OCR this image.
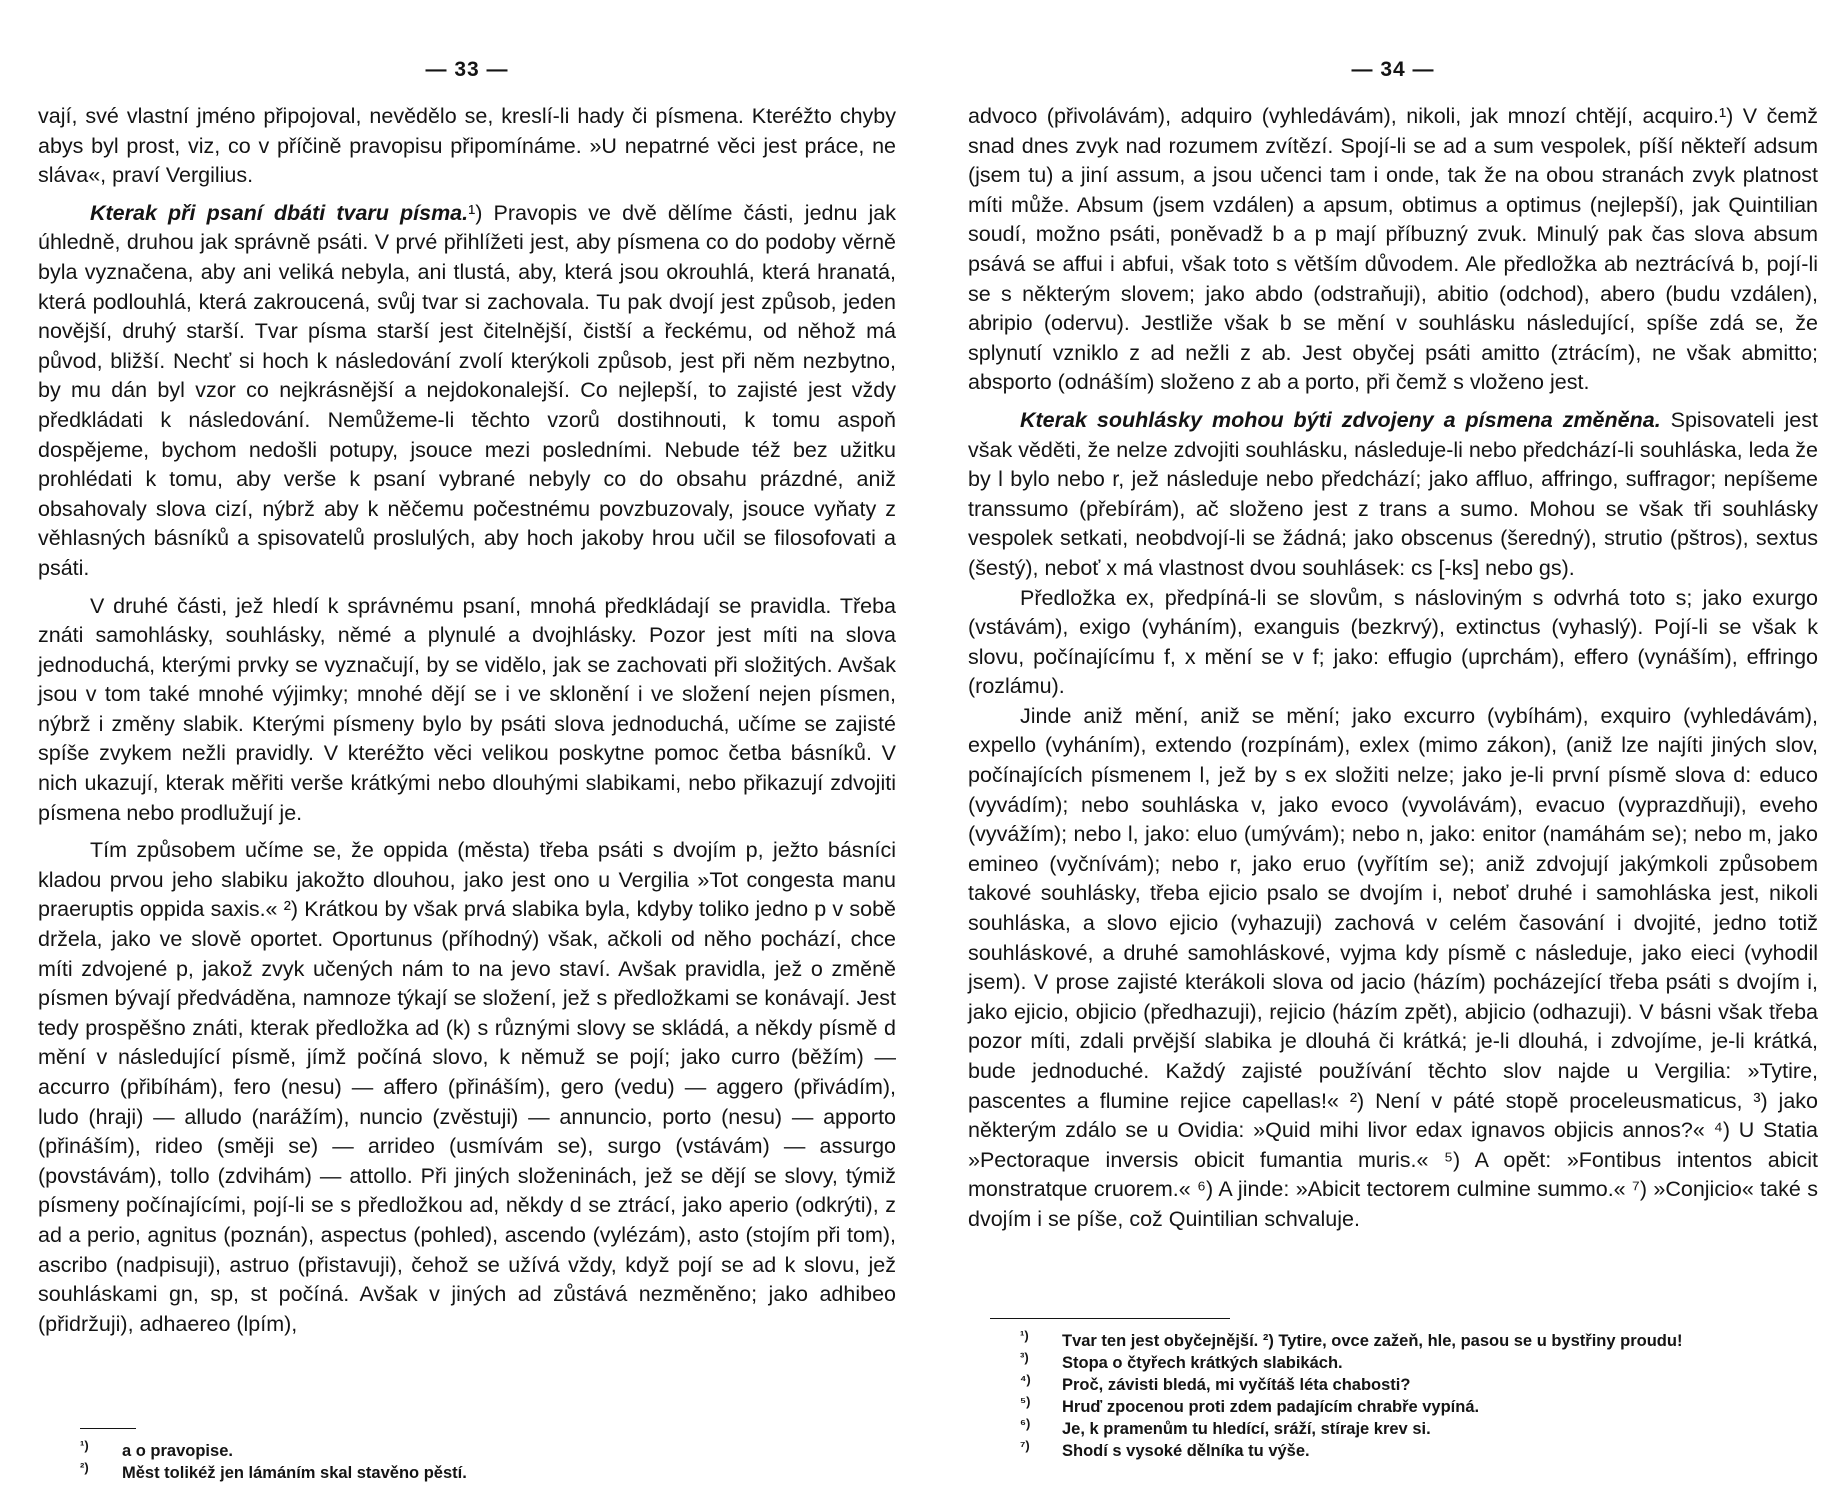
— 33 —

vají, své vlastní jméno připojoval, nevědělo se, kreslí-li hady či písmena. Kteréžto chyby abys byl prost, viz, co v příčině pravopisu připomínáme. »U nepatrné věci jest práce, ne sláva«, praví Vergilius.

Kterak při psaní dbáti tvaru písma.¹) Pravopis ve dvě dělíme části, jednu jak úhledně, druhou jak správně psáti. V prvé přihlížeti jest, aby písmena co do podoby věrně byla vyznačena, aby ani veliká nebyla, ani tlustá, aby, která jsou okrouhlá, která hranatá, která podlouhlá, která zakroucená, svůj tvar si zachovala. Tu pak dvojí jest způsob, jeden novější, druhý starší. Tvar písma starší jest čitelnější, čistší a řeckému, od něhož má původ, bližší. Nechť si hoch k následování zvolí kterýkoli způsob, jest při něm nezbytno, by mu dán byl vzor co nejkrásnější a nejdokonalejší. Co nejlepší, to zajisté jest vždy předkládati k následování. Nemůžeme-li těchto vzorů dostihnouti, k tomu aspoň dospějeme, bychom nedošli potupy, jsouce mezi posledními. Nebude též bez užitku prohlédati k tomu, aby verše k psaní vybrané nebyly co do obsahu prázdné, aniž obsahovaly slova cizí, nýbrž aby k něčemu počestnému povzbuzovaly, jsouce vyňaty z věhlasných básníků a spisovatelů proslulých, aby hoch jakoby hrou učil se filosofovati a psáti.

V druhé části, jež hledí k správnému psaní, mnohá předkládají se pravidla. Třeba znáti samohlásky, souhlásky, němé a plynulé a dvojhlásky. Pozor jest míti na slova jednoduchá, kterými prvky se vyznačují, by se vidělo, jak se zachovati při složitých. Avšak jsou v tom také mnohé výjimky; mnohé dějí se i ve sklonění i ve složení nejen písmen, nýbrž i změny slabik. Kterými písmeny bylo by psáti slova jednoduchá, učíme se zajisté spíše zvykem nežli pravidly. V kteréžto věci velikou poskytne pomoc četba básníků. V nich ukazují, kterak měřiti verše krátkými nebo dlouhými slabikami, nebo přikazují zdvojiti písmena nebo prodlužují je.

Tím způsobem učíme se, že oppida (města) třeba psáti s dvojím p, ježto básníci kladou prvou jeho slabiku jakožto dlouhou, jako jest ono u Vergilia »Tot congesta manu praeruptis oppida saxis.« ²) Krátkou by však prvá slabika byla, kdyby toliko jedno p v sobě držela, jako ve slově oportet. Oportunus (příhodný) však, ačkoli od něho pochází, chce míti zdvojené p, jakož zvyk učených nám to na jevo staví. Avšak pravidla, jež o změně písmen bývají předváděna, namnoze týkají se složení, jež s předložkami se konávají. Jest tedy prospěšno znáti, kterak předložka ad (k) s různými slovy se skládá, a někdy písmě d mění v následující písmě, jímž počíná slovo, k němuž se pojí; jako curro (běžím) — accurro (přibíhám), fero (nesu) — affero (přináším), gero (vedu) — aggero (přivádím), ludo (hraji) — alludo (narážím), nuncio (zvěstuji) — annuncio, porto (nesu) — apporto (přináším), rideo (směji se) — arrideo (usmívám se), surgo (vstávám) — assurgo (povstávám), tollo (zdvihám) — attollo. Při jiných složeninách, jež se dějí se slovy, týmiž písmeny počínajícími, pojí-li se s předložkou ad, někdy d se ztrácí, jako aperio (odkrýti), z ad a perio, agnitus (poznán), aspectus (pohled), ascendo (vylézám), asto (stojím při tom), ascribo (nadpisuji), astruo (přistavuji), čehož se užívá vždy, když pojí se ad k slovu, jež souhláskami gn, sp, st počíná. Avšak v jiných ad zůstává nezměněno; jako adhibeo (přidržuji), adhaereo (lpím),

— 34 —

advoco (přivolávám), adquiro (vyhledávám), nikoli, jak mnozí chtějí, acquiro.¹) V čemž snad dnes zvyk nad rozumem zvítězí. Spojí-li se ad a sum vespolek, píší někteří adsum (jsem tu) a jiní assum, a jsou učenci tam i onde, tak že na obou stranách zvyk platnost míti může. Absum (jsem vzdálen) a apsum, obtimus a optimus (nejlepší), jak Quintilian soudí, možno psáti, poněvadž b a p mají příbuzný zvuk. Minulý pak čas slova absum psává se affui i abfui, však toto s větším důvodem. Ale předložka ab neztrácívá b, pojí-li se s některým slovem; jako abdo (odstraňuji), abitio (odchod), abero (budu vzdálen), abripio (odervu). Jestliže však b se mění v souhlásku následující, spíše zdá se, že splynutí vzniklo z ad nežli z ab. Jest obyčej psáti amitto (ztrácím), ne však abmitto; absporto (odnáším) složeno z ab a porto, při čemž s vloženo jest.

Kterak souhlásky mohou býti zdvojeny a písmena změněna. Spisovateli jest však věděti, že nelze zdvojiti souhlásku, následuje-li nebo předchází-li souhláska, leda že by l bylo nebo r, jež následuje nebo předchází; jako affluo, affringo, suffragor; nepíšeme transsumo (přebírám), ač složeno jest z trans a sumo. Mohou se však tři souhlásky vespolek setkati, neobdvojí-li se žádná; jako obscenus (šeredný), strutio (pštros), sextus (šestý), neboť x má vlastnost dvou souhlásek: cs [-ks] nebo gs).

Předložka ex, předpíná-li se slovům, s násloviným s odvrhá toto s; jako exurgo (vstávám), exigo (vyháním), exanguis (bezkrvý), extinctus (vyhaslý). Pojí-li se však k slovu, počínajícímu f, x mění se v f; jako: effugio (uprchám), effero (vynáším), effringo (rozlámu).

Jinde aniž mění, aniž se mění; jako excurro (vybíhám), exquiro (vyhledávám), expello (vyháním), extendo (rozpínám), exlex (mimo zákon), (aniž lze najíti jiných slov, počínajících písmenem l, jež by s ex složiti nelze; jako je-li první písmě slova d: educo (vyvádím); nebo souhláska v, jako evoco (vyvolávám), evacuo (vyprazdňuji), eveho (vyvážím); nebo l, jako: eluo (umývám); nebo n, jako: enitor (namáhám se); nebo m, jako emineo (vyčnívám); nebo r, jako eruo (vyřítím se); aniž zdvojují jakýmkoli způsobem takové souhlásky, třeba ejicio psalo se dvojím i, neboť druhé i samohláska jest, nikoli souhláska, a slovo ejicio (vyhazuji) zachová v celém časování i dvojité, jedno totiž souhláskové, a druhé samohláskové, vyjma kdy písmě c následuje, jako eieci (vyhodil jsem). V prose zajisté kterákoli slova od jacio (házím) pocházející třeba psáti s dvojím i, jako ejicio, objicio (předhazuji), rejicio (házím zpět), abjicio (odhazuji). V básni však třeba pozor míti, zdali prvější slabika je dlouhá či krátká; je-li dlouhá, i zdvojíme, je-li krátká, bude jednoduché. Každý zajisté používání těchto slov najde u Vergilia: »Tytire, pascentes a flumine rejice capellas!« ²) Není v páté stopě proceleusmaticus, ³) jako některým zdálo se u Ovidia: »Quid mihi livor edax ignavos objicis annos?« ⁴) U Statia »Pectoraque inversis obicit fumantia muris.« ⁵) A opět: »Fontibus intentos abicit monstratque cruorem.« ⁶) A jinde: »Abicit tectorem culmine summo.« ⁷) »Conjicio« také s dvojím i se píše, což Quintilian schvaluje.

$^{^1)}$ a o pravopise.
$^{^2)}$ Měst tolikéž jen lámáním skal stavěno pěstí.
$^{^1)}$ Tvar ten jest obyčejnější. ²) Tytire, ovce zažeň, hle, pasou se u bystřiny proudu!
$^{^3)}$ Stopa o čtyřech krátkých slabikách.
$^{^4)}$ Proč, závisti bledá, mi vyčítáš léta chabosti?
$^{^5)}$ Hruď zpocenou proti zdem padajícím chrabře vypíná.
$^{^6)}$ Je, k pramenům tu hledící, sráží, stíraje krev si.
$^{^7)}$ Shodí s vysoké dělníka tu výše.
